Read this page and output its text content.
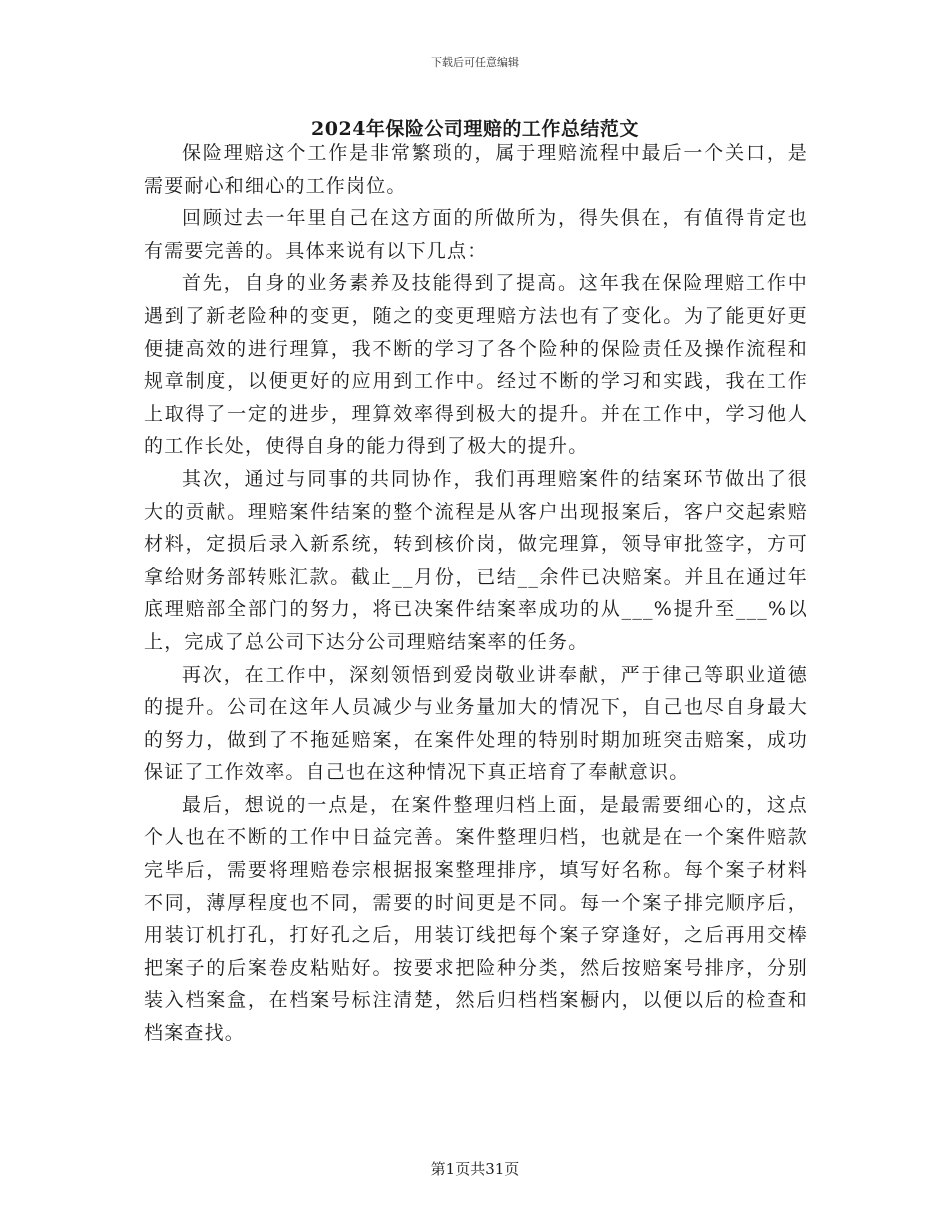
下载后可任意编辑
2024年保险公司理赔的工作总结范文

保险理赔这个工作是非常繁琐的，属于理赔流程中最后一个关口，是需要耐心和细心的工作岗位。

回顾过去一年里自己在这方面的所做所为，得失俱在，有值得肯定也有需要完善的。具体来说有以下几点：

首先，自身的业务素养及技能得到了提高。这年我在保险理赔工作中遇到了新老险种的变更，随之的变更理赔方法也有了变化。为了能更好更便捷高效的进行理算，我不断的学习了各个险种的保险责任及操作流程和规章制度，以便更好的应用到工作中。经过不断的学习和实践，我在工作上取得了一定的进步，理算效率得到极大的提升。并在工作中，学习他人的工作长处，使得自身的能力得到了极大的提升。

其次，通过与同事的共同协作，我们再理赔案件的结案环节做出了很大的贡献。理赔案件结案的整个流程是从客户出现报案后，客户交起索赔材料，定损后录入新系统，转到核价岗，做完理算，领导审批签字，方可拿给财务部转账汇款。截止__月份，已结__余件已决赔案。并且在通过年底理赔部全部门的努力，将已决案件结案率成功的从___%提升至___%以上，完成了总公司下达分公司理赔结案率的任务。

再次，在工作中，深刻领悟到爱岗敬业讲奉献，严于律己等职业道德的提升。公司在这年人员减少与业务量加大的情况下，自己也尽自身最大的努力，做到了不拖延赔案，在案件处理的特别时期加班突击赔案，成功保证了工作效率。自己也在这种情况下真正培育了奉献意识。

最后，想说的一点是，在案件整理归档上面，是最需要细心的，这点个人也在不断的工作中日益完善。案件整理归档，也就是在一个案件赔款完毕后，需要将理赔卷宗根据报案整理排序，填写好名称。每个案子材料不同，薄厚程度也不同，需要的时间更是不同。每一个案子排完顺序后，用装订机打孔，打好孔之后，用装订线把每个案子穿逢好，之后再用交棒把案子的后案卷皮粘贴好。按要求把险种分类，然后按赔案号排序，分别装入档案盒，在档案号标注清楚，然后归档档案橱内，以便以后的检查和档案查找。

第1页共31页
